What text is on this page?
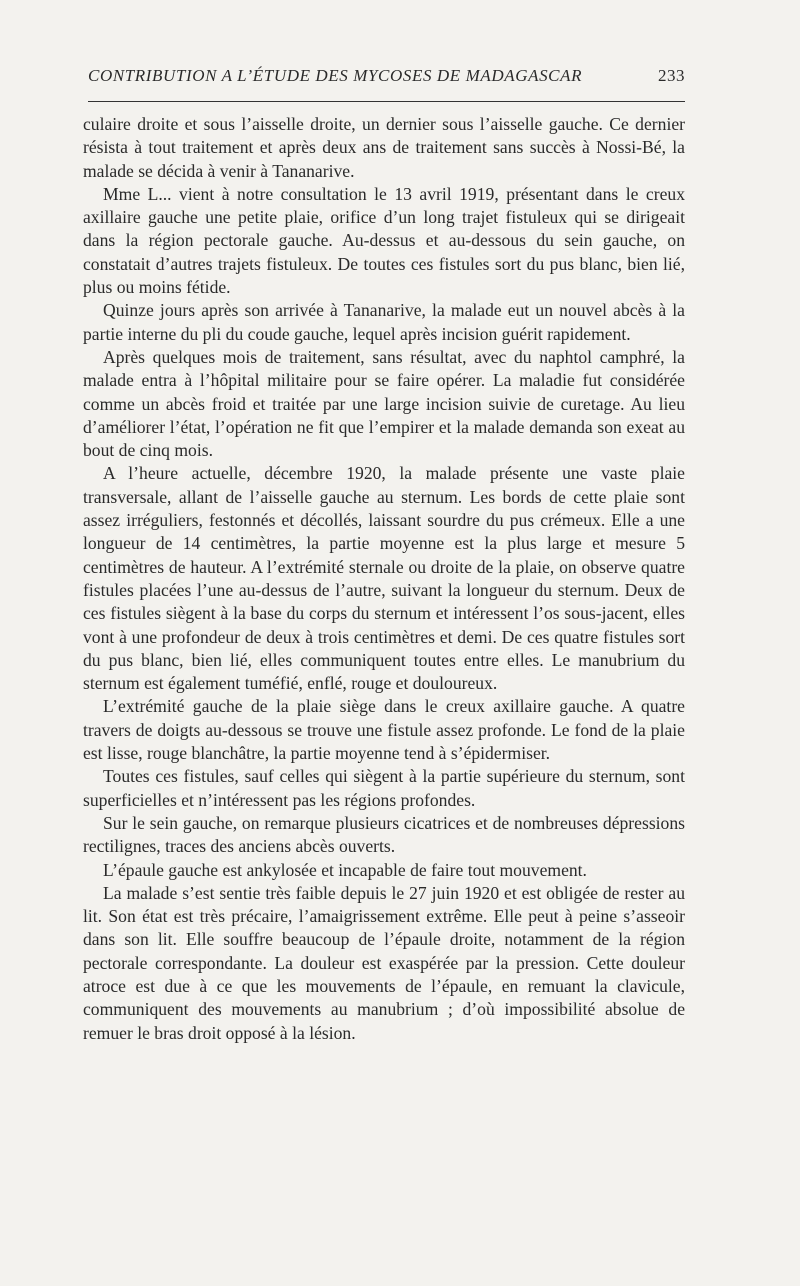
CONTRIBUTION A L’ÉTUDE DES MYCOSES DE MADAGASCAR	233

culaire droite et sous l’aisselle droite, un dernier sous l’aisselle gauche. Ce dernier résista à tout traitement et après deux ans de traitement sans succès à Nossi-Bé, la malade se décida à venir à Tananarive.

Mme L... vient à notre consultation le 13 avril 1919, présentant dans le creux axillaire gauche une petite plaie, orifice d’un long trajet fistuleux qui se dirigeait dans la région pectorale gauche. Au-dessus et au-dessous du sein gauche, on constatait d’autres trajets fistuleux. De toutes ces fistules sort du pus blanc, bien lié, plus ou moins fétide.

Quinze jours après son arrivée à Tananarive, la malade eut un nouvel abcès à la partie interne du pli du coude gauche, lequel après incision guérit rapidement.

Après quelques mois de traitement, sans résultat, avec du naphtol camphré, la malade entra à l’hôpital militaire pour se faire opérer. La maladie fut considérée comme un abcès froid et traitée par une large incision suivie de curetage. Au lieu d’améliorer l’état, l’opération ne fit que l’empirer et la malade demanda son exeat au bout de cinq mois.

A l’heure actuelle, décembre 1920, la malade présente une vaste plaie transversale, allant de l’aisselle gauche au sternum. Les bords de cette plaie sont assez irréguliers, festonnés et décollés, laissant sourdre du pus crémeux. Elle a une longueur de 14 centimètres, la partie moyenne est la plus large et mesure 5 centimètres de hauteur. A l’extrémité sternale ou droite de la plaie, on observe quatre fistules placées l’une au-dessus de l’autre, suivant la longueur du sternum. Deux de ces fistules siègent à la base du corps du sternum et intéressent l’os sous-jacent, elles vont à une profondeur de deux à trois centimètres et demi. De ces quatre fistules sort du pus blanc, bien lié, elles communiquent toutes entre elles. Le manubrium du sternum est également tuméfié, enflé, rouge et douloureux.

L’extrémité gauche de la plaie siège dans le creux axillaire gauche. A quatre travers de doigts au-dessous se trouve une fistule assez profonde. Le fond de la plaie est lisse, rouge blanchâtre, la partie moyenne tend à s’épidermiser.

Toutes ces fistules, sauf celles qui siègent à la partie supérieure du sternum, sont superficielles et n’intéressent pas les régions profondes.

Sur le sein gauche, on remarque plusieurs cicatrices et de nombreuses dépressions rectilignes, traces des anciens abcès ouverts.

L’épaule gauche est ankylosée et incapable de faire tout mouvement.

La malade s’est sentie très faible depuis le 27 juin 1920 et est obligée de rester au lit. Son état est très précaire, l’amaigrissement extrême. Elle peut à peine s’asseoir dans son lit. Elle souffre beaucoup de l’épaule droite, notamment de la région pectorale correspondante. La douleur est exaspérée par la pression. Cette douleur atroce est due à ce que les mouvements de l’épaule, en remuant la clavicule, communiquent des mouvements au manubrium ; d’où impossibilité absolue de remuer le bras droit opposé à la lésion.
